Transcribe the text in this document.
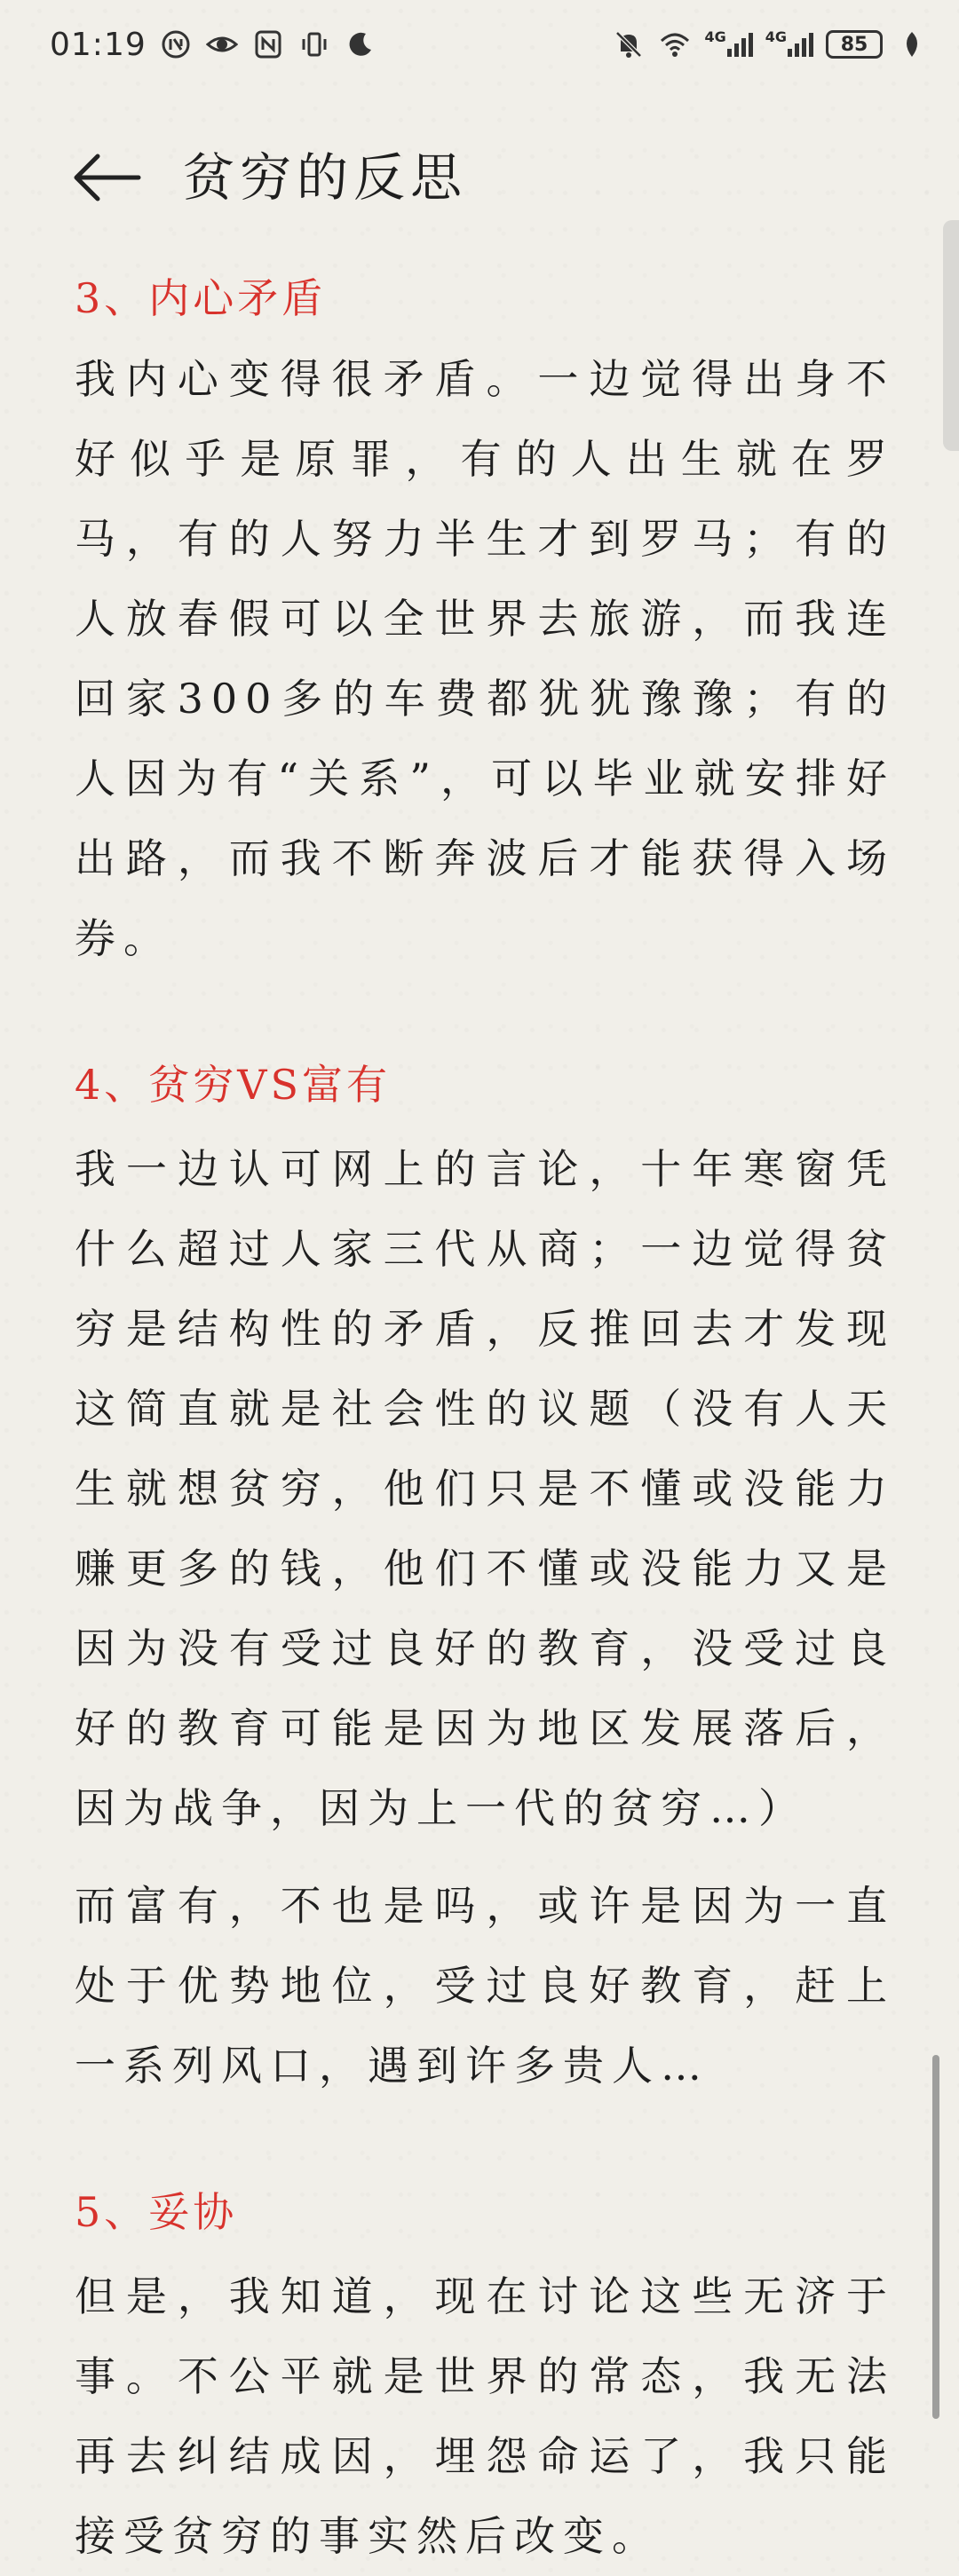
01:19	4G	4G	85
贫穷的反思
3、内心矛盾

我内心变得很矛盾。一边觉得出身不好似乎是原罪，有的人出生就在罗马，有的人努力半生才到罗马；有的人放春假可以全世界去旅游，而我连回家300多的车费都犹犹豫豫；有的人因为有“关系”，可以毕业就安排好出路，而我不断奔波后才能获得入场券。

4、贫穷VS富有

我一边认可网上的言论，十年寒窗凭什么超过人家三代从商；一边觉得贫穷是结构性的矛盾，反推回去才发现这简直就是社会性的议题（没有人天生就想贫穷，他们只是不懂或没能力赚更多的钱，他们不懂或没能力又是因为没有受过良好的教育，没受过良好的教育可能是因为地区发展落后，因为战争，因为上一代的贫穷…）

而富有，不也是吗，或许是因为一直处于优势地位，受过良好教育，赶上一系列风口，遇到许多贵人…

5、妥协

但是，我知道，现在讨论这些无济于事。不公平就是世界的常态，我无法再去纠结成因，埋怨命运了，我只能接受贫穷的事实然后改变。
